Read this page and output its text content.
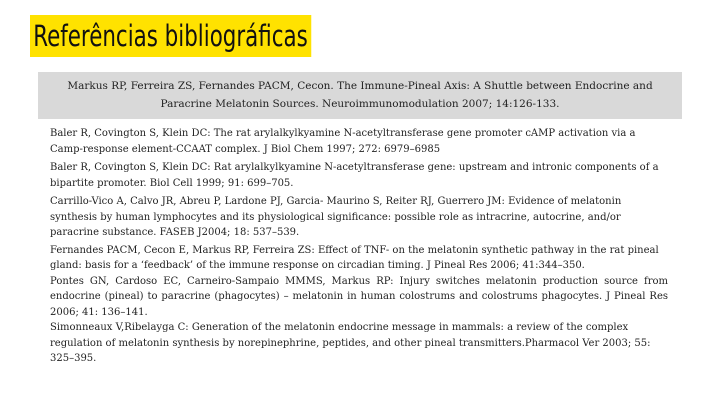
Referências bibliográficas
Markus RP, Ferreira ZS, Fernandes PACM, Cecon. The Immune-Pineal Axis: A Shuttle between Endocrine and Paracrine Melatonin Sources. Neuroimmunomodulation 2007; 14:126-133.

Baler R, Covington S, Klein DC: The rat arylalkylkyamine N-acetyltransferase gene promoter cAMP activation via a Camp-response element-CCAAT complex. J Biol Chem 1997; 272: 6979–6985

Baler R, Covington S, Klein DC: Rat arylalkylkyamine N-acetyltransferase gene: upstream and intronic components of a bipartite promoter. Biol Cell 1999; 91: 699–705.

Carrillo-Vico A, Calvo JR, Abreu P, Lardone PJ, Garcia- Maurino S, Reiter RJ, Guerrero JM: Evidence of melatonin synthesis by human lymphocytes and its physiological significance: possible role as intracrine, autocrine, and/or paracrine substance. FASEB J2004; 18: 537–539.

Fernandes PACM, Cecon E, Markus RP, Ferreira ZS: Effect of TNF- on the melatonin synthetic pathway in the rat pineal gland: basis for a ‘feedback’ of the immune response on circadian timing. J Pineal Res 2006; 41:344–350.

Pontes GN, Cardoso EC, Carneiro-Sampaio MMMS, Markus RP: Injury switches melatonin production source from endocrine (pineal) to paracrine (phagocytes) – melatonin in human colostrums and colostrums phagocytes. J Pineal Res 2006; 41: 136–141.

Simonneaux V,Ribelayga C: Generation of the melatonin endocrine message in mammals: a review of the complex regulation of melatonin synthesis by norepinephrine, peptides, and other pineal transmitters.Pharmacol Ver 2003; 55: 325–395.
